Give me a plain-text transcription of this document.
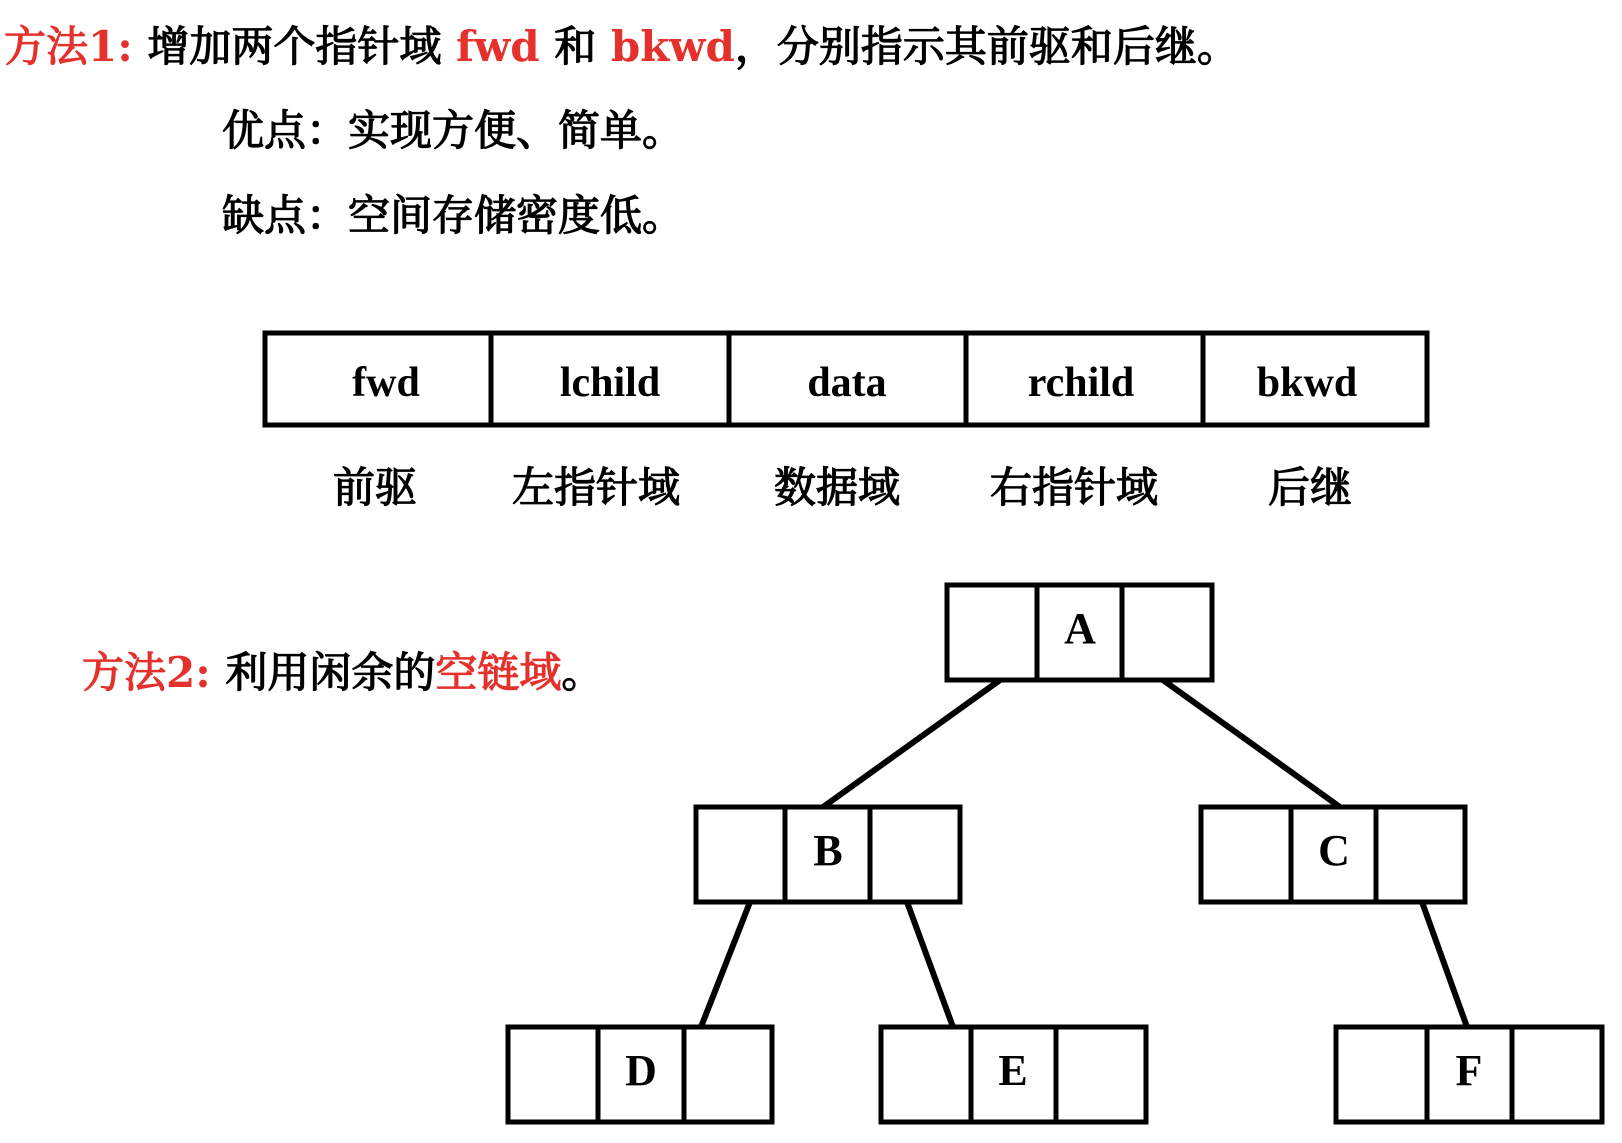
方法1: 增加两个指针域 fwd 和 bkwd，分别指示其前驱和后继。
优点：实现方便、简单。
缺点：空间存储密度低。
方法2: 利用闲余的空链域。
fwd	lchild	data	rchild	bkwd
前驱 左指针域 数据域 右指针域	后继
A
B	C
D	E	F
